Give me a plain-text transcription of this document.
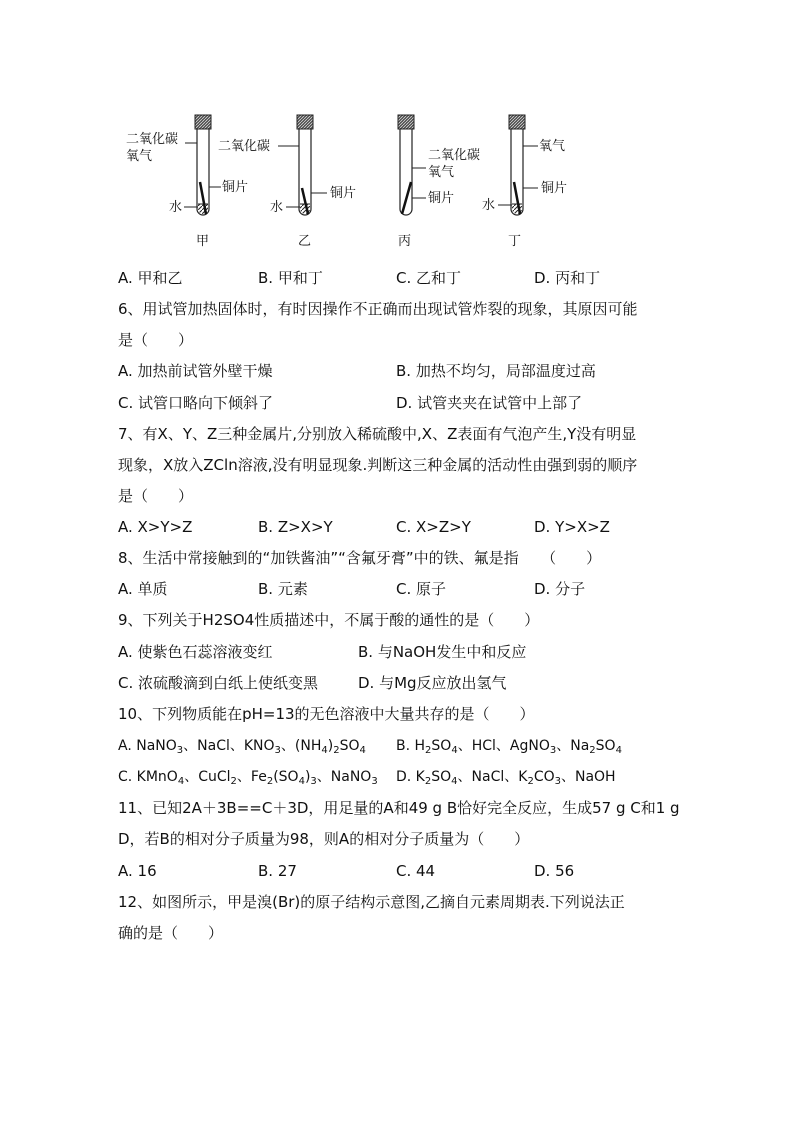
二氧化碳
氧气
铜片
水
甲
二氧化碳
铜片
水
乙
二氧化碳
氧气
铜片
丙
氧气
铜片
水
丁
A. 甲和乙	B. 甲和丁	C. 乙和丁	D. 丙和丁
6、用试管加热固体时，有时因操作不正确而出现试管炸裂的现象，其原因可能
是（　　）
A. 加热前试管外壁干燥	B. 加热不均匀，局部温度过高
C. 试管口略向下倾斜了	D. 试管夹夹在试管中上部了
7、有X、Y、Z三种金属片,分别放入稀硫酸中,X、Z表面有气泡产生,Y没有明显
现象，X放入ZCln溶液,没有明显现象.判断这三种金属的活动性由强到弱的顺序
是（　　）
A. X>Y>Z	B. Z>X>Y	C. X>Z>Y	D. Y>X>Z
8、生活中常接触到的“加铁酱油”“含氟牙膏”中的铁、氟是指　　（　　）
A. 单质	B. 元素	C. 原子	D. 分子
9、下列关于H2SO4性质描述中，不属于酸的通性的是（　　）
A. 使紫色石蕊溶液变红	B. 与NaOH发生中和反应
C. 浓硫酸滴到白纸上使纸变黑	D. 与Mg反应放出氢气
10、下列物质能在pH=13的无色溶液中大量共存的是（　　）
A. NaNO$_3$、NaCl、$KNO_3$、$(NH_4)_2SO_4$ B. $H_2SO_4$、HCl、AgNO$_3$、$Na_2SO_4$
C. KMnO$_4$、CuCl$_2$、$Fe_2(SO_4)_3$、NaNO$_3$ D. $K_2SO_4$、NaCl、$K_2CO_3$、NaOH
11、已知2A＋3B==C＋3D，用足量的A和49 g B恰好完全反应，生成57 g C和1 g
D，若B的相对分子质量为98，则A的相对分子质量为（　　）
A. 16	B. 27	C. 44	D. 56
12、如图所示，甲是溴(Br)的原子结构示意图,乙摘自元素周期表.下列说法正
确的是（　　）
